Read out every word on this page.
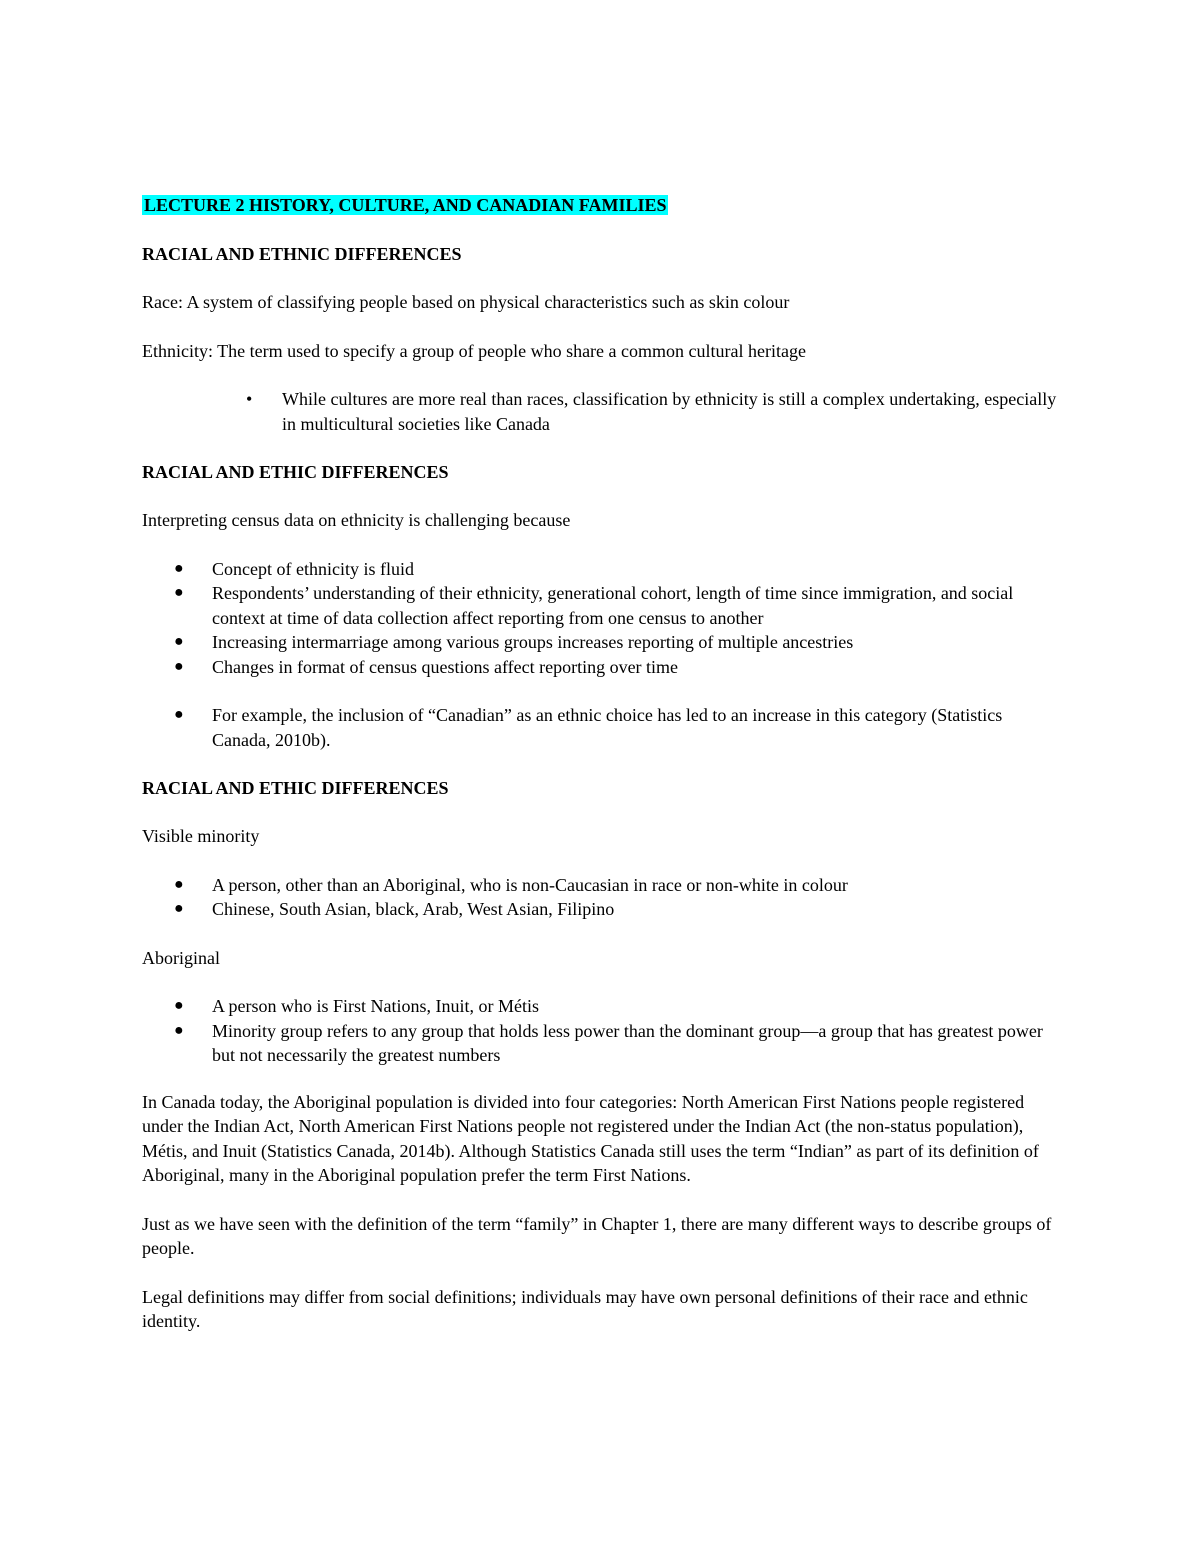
LECTURE 2 HISTORY, CULTURE, AND CANADIAN FAMILIES

RACIAL AND ETHNIC DIFFERENCES

Race: A system of classifying people based on physical characteristics such as skin colour

Ethnicity: The term used to specify a group of people who share a common cultural heritage

• While cultures are more real than races, classification by ethnicity is still a complex undertaking, especially in multicultural societies like Canada

RACIAL AND ETHIC DIFFERENCES

Interpreting census data on ethnicity is challenging because

● Concept of ethnicity is fluid
● Respondents’ understanding of their ethnicity, generational cohort, length of time since immigration, and social context at time of data collection affect reporting from one census to another
● Increasing intermarriage among various groups increases reporting of multiple ancestries
● Changes in format of census questions affect reporting over time
● For example, the inclusion of “Canadian” as an ethnic choice has led to an increase in this category (Statistics Canada, 2010b).

RACIAL AND ETHIC DIFFERENCES

Visible minority

● A person, other than an Aboriginal, who is non-Caucasian in race or non-white in colour
● Chinese, South Asian, black, Arab, West Asian, Filipino

Aboriginal

● A person who is First Nations, Inuit, or Métis
● Minority group refers to any group that holds less power than the dominant group—a group that has greatest power but not necessarily the greatest numbers

In Canada today, the Aboriginal population is divided into four categories: North American First Nations people registered under the Indian Act, North American First Nations people not registered under the Indian Act (the non-status population), Métis, and Inuit (Statistics Canada, 2014b). Although Statistics Canada still uses the term “Indian” as part of its definition of Aboriginal, many in the Aboriginal population prefer the term First Nations.

Just as we have seen with the definition of the term “family” in Chapter 1, there are many different ways to describe groups of people.

Legal definitions may differ from social definitions; individuals may have own personal definitions of their race and ethnic identity.
